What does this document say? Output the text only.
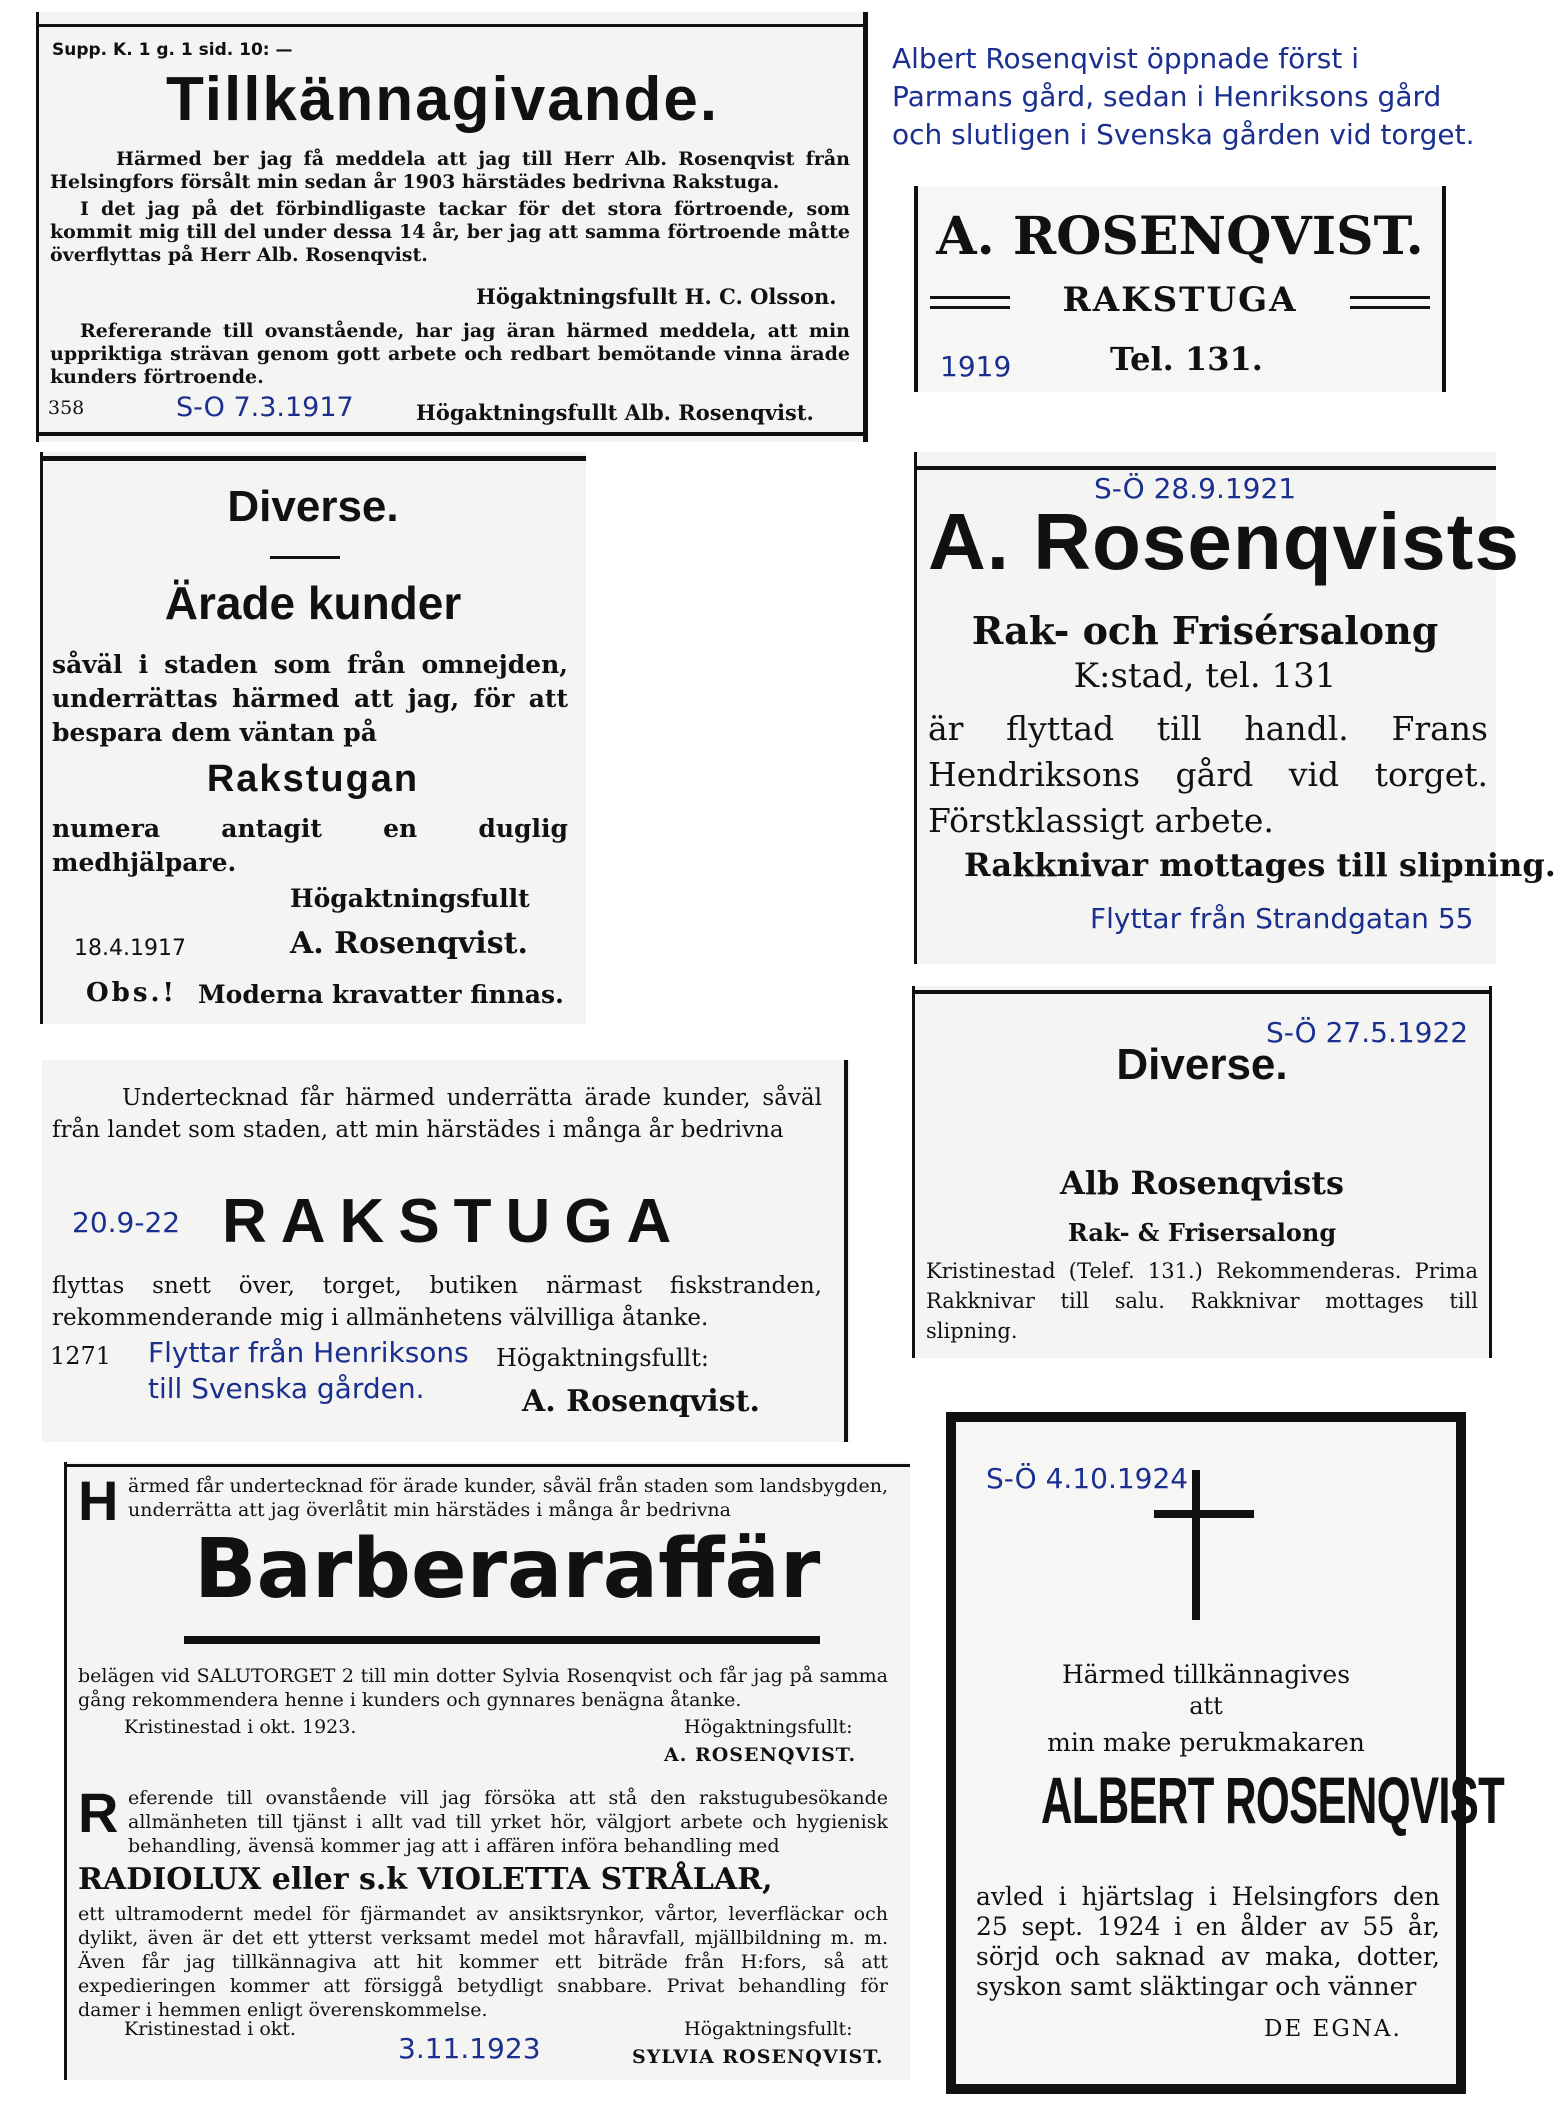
Albert Rosenqvist öppnade först i
Parmans gård, sedan i Henriksons gård
och slutligen i Svenska gården vid torget.
Supp. K. 1 g. 1 sid. 10: —
Tillkännagivande.
Härmed ber jag få meddela att jag till Herr Alb. Rosenqvist från Helsingfors försålt min sedan år 1903 härstädes bedrivna Rakstuga.
I det jag på det förbindligaste tackar för det stora förtroende, som kommit mig till del under dessa 14 år, ber jag att samma förtroende måtte överflyttas på Herr Alb. Rosenqvist.
Högaktningsfullt H. C. Olsson.
Refererande till ovanstående, har jag äran härmed meddela, att min uppriktiga strävan genom gott arbete och redbart bemötande vinna ärade kunders förtroende.
358	S-O 7.3.1917	Högaktningsfullt Alb. Rosenqvist.
A. ROSENQVIST.
RAKSTUGA
1919	Tel. 131.
Diverse.
Ärade kunder
såväl i staden som från omnejden, underrättas härmed att jag, för att bespara dem väntan på
Rakstugan
numera antagit en duglig medhjälpare.
Högaktningsfullt
18.4.1917	A. Rosenqvist.
Obs.! Moderna kravatter finnas.
S-Ö 28.9.1921
A. Rosenqvists
Rak- och Frisérsalong
K:stad, tel. 131
är flyttad till handl. Frans Hendriksons gård vid torget. Förstklassigt arbete.
Rakknivar mottages till slipning.
Flyttar från Strandgatan 55
Undertecknad får härmed underrätta ärade kunder, såväl från landet som staden, att min härstädes i många år bedrivna
20.9-22 RAKSTUGA
flyttas snett över, torget, butiken närmast fiskstranden, rekommenderande mig i allmänhetens välvilliga åtanke.
1271 Flyttar från Henriksons
till Svenska gården.
Högaktningsfullt:
A. Rosenqvist.
S-Ö 27.5.1922
Diverse.
Alb Rosenqvists
Rak- & Frisersalong
Kristinestad (Telef. 131.) Rekommenderas. Prima Rakknivar till salu. Rakknivar mottages till slipning.
H ärmed får undertecknad för ärade kunder, såväl från staden som landsbygden, underrätta att jag överlåtit min härstädes i många år bedrivna
Barberaraffär
belägen vid SALUTORGET 2 till min dotter Sylvia Rosenqvist och får jag på samma gång rekommendera henne i kunders och gynnares benägna åtanke.
Kristinestad i okt. 1923.	Högaktningsfullt:
A. ROSENQVIST.
R eferende till ovanstående vill jag försöka att stå den rakstugubesökande allmänheten till tjänst i allt vad till yrket hör, välgjort arbete och hygienisk behandling, ävensä kommer jag att i affären införa behandling med
RADIOLUX eller s.k VIOLETTA STRÅLAR,
ett ultramodernt medel för fjärmandet av ansiktsrynkor, vårtor, leverfläckar och dylikt, även är det ett ytterst verksamt medel mot håravfall, mjällbildning m. m. Även får jag tillkännagiva att hit kommer ett biträde från H:fors, så att expedieringen kommer att försiggå betydligt snabbare. Privat behandling för damer i hemmen enligt överenskommelse.
Kristinestad i okt.
3.11.1923
Högaktningsfullt:
SYLVIA ROSENQVIST.
S-Ö 4.10.1924
Härmed tillkännagives
att
min make perukmakaren
ALBERT ROSENQVIST
avled i hjärtslag i Helsingfors den 25 sept. 1924 i en ålder av 55 år, sörjd och saknad av maka, dotter, syskon samt släktingar och vänner
DE EGNA.
